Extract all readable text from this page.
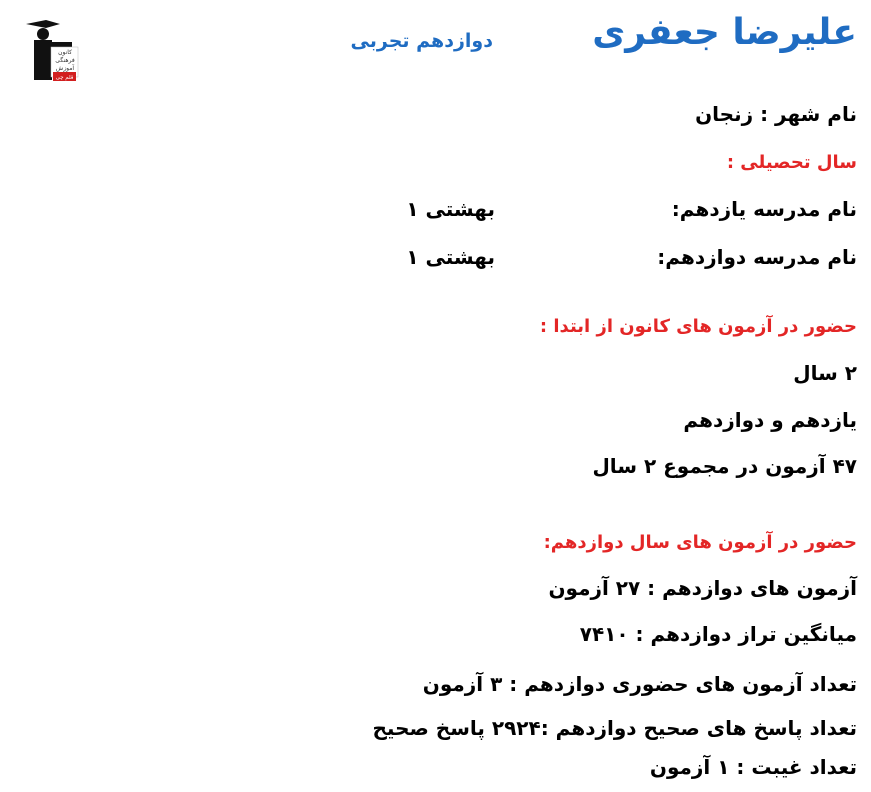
کانون
فرهنگی
آموزش
قلم چی
علیرضا جعفری
دوازدهم تجربی
نام شهر : زنجان
سال تحصیلی :
نام مدرسه یازدهم:
بهشتی ۱
نام مدرسه دوازدهم:
بهشتی ۱
حضور در آزمون های کانون از ابتدا :
۲ سال
یازدهم و دوازدهم
۴۷ آزمون در مجموع ۲ سال
حضور در آزمون های سال دوازدهم:
آزمون های دوازدهم : ۲۷ آزمون
میانگین تراز دوازدهم : ۷۴۱۰
تعداد آزمون های حضوری دوازدهم : ۳ آزمون
تعداد پاسخ های صحیح دوازدهم :۲۹۲۴ پاسخ صحیح
تعداد غیبت : ۱ آزمون
